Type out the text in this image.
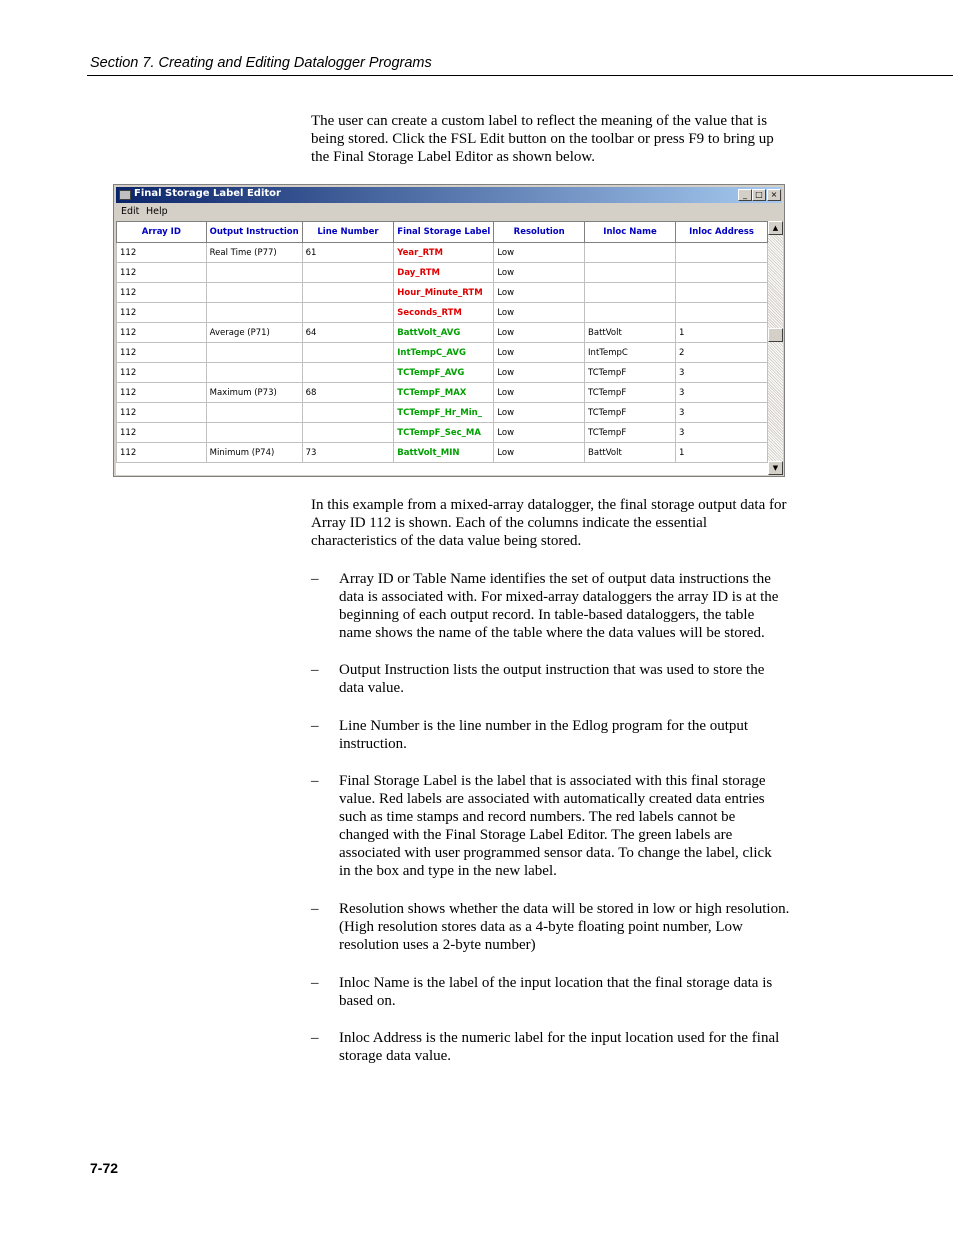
Section 7. Creating and Editing Datalogger Programs
The user can create a custom label to reflect the meaning of the value that is
being stored. Click the FSL Edit button on the toolbar or press F9 to bring up
the Final Storage Label Editor as shown below.
Final Storage Label Editor	_	□ ×
Edit Help
Array ID	Output Instruction	Line Number	Final Storage Label	Resolution	Inloc Name	Inloc Address
112	Real Time (P77)	61	Year_RTM	Low		
112			Day_RTM	Low		
112			Hour_Minute_RTM	Low		
112			Seconds_RTM	Low		
112	Average (P71)	64	BattVolt_AVG	Low	BattVolt	1
112			IntTempC_AVG	Low	IntTempC	2
112			TCTempF_AVG	Low	TCTempF	3
112	Maximum (P73)	68	TCTempF_MAX	Low	TCTempF	3
112			TCTempF_Hr_Min_	Low	TCTempF	3
112			TCTempF_Sec_MA	Low	TCTempF	3
112	Minimum (P74)	73	BattVolt_MIN	Low	BattVolt	1
▲
▼
In this example from a mixed-array datalogger, the final storage output data for
Array ID 112 is shown. Each of the columns indicate the essential
characteristics of the data value being stored.
– Array ID or Table Name identifies the set of output data instructions the
data is associated with. For mixed-array dataloggers the array ID is at the
beginning of each output record. In table-based dataloggers, the table
name shows the name of the table where the data values will be stored.
– Output Instruction lists the output instruction that was used to store the
data value.
– Line Number is the line number in the Edlog program for the output
instruction.
– Final Storage Label is the label that is associated with this final storage
value. Red labels are associated with automatically created data entries
such as time stamps and record numbers. The red labels cannot be
changed with the Final Storage Label Editor. The green labels are
associated with user programmed sensor data. To change the label, click
in the box and type in the new label.
– Resolution shows whether the data will be stored in low or high resolution.
(High resolution stores data as a 4-byte floating point number, Low
resolution uses a 2-byte number)
– Inloc Name is the label of the input location that the final storage data is
based on.
– Inloc Address is the numeric label for the input location used for the final
storage data value.
7-72
